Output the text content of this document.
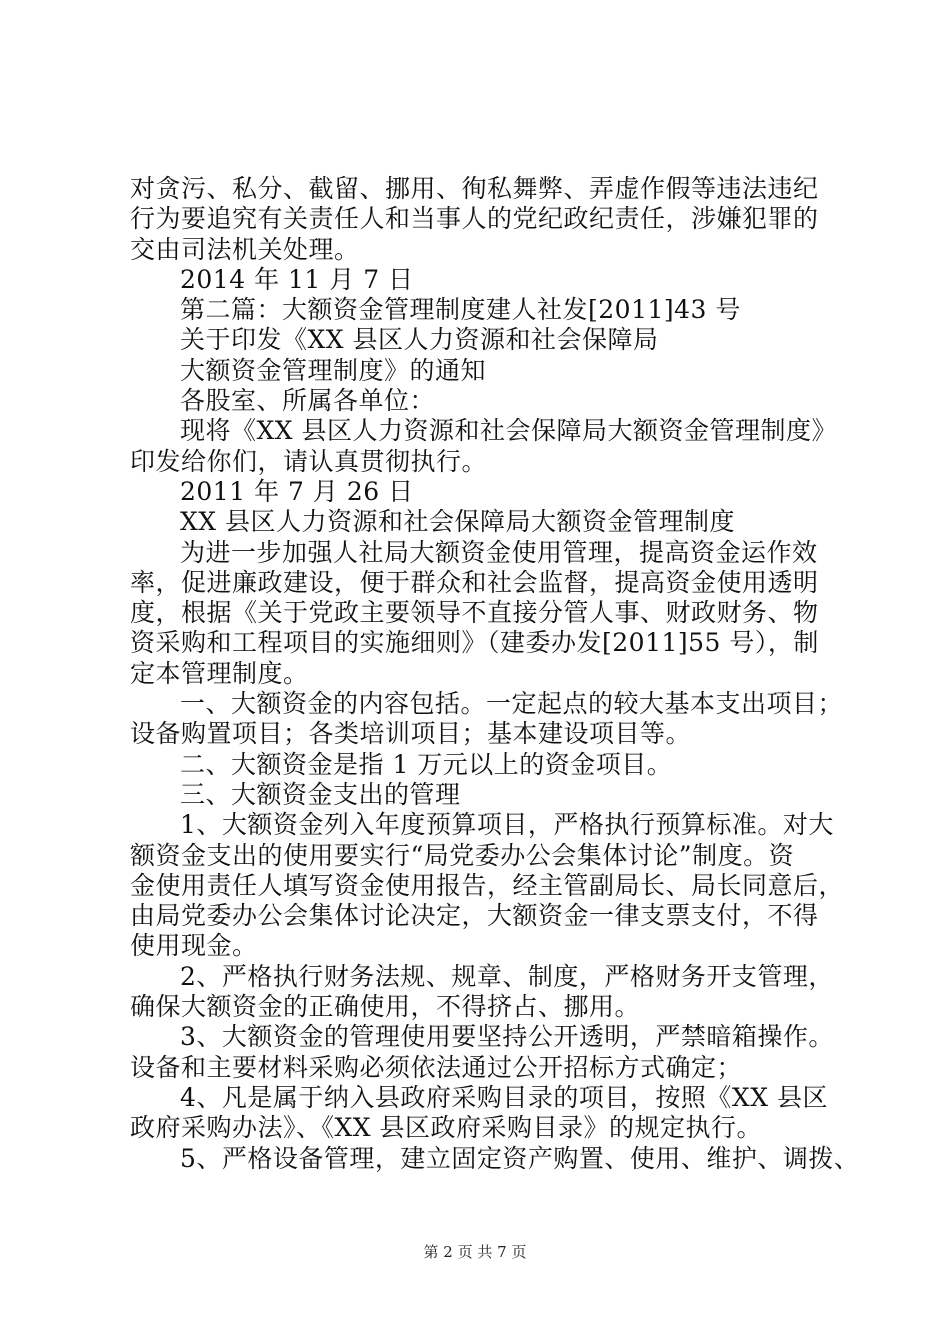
对贪污、私分、截留、挪用、徇私舞弊、弄虚作假等违法违纪
行为要追究有关责任人和当事人的党纪政纪责任，涉嫌犯罪的
交由司法机关处理。

2014 年 11 月 7 日

第二篇：大额资金管理制度建人社发[2011]43 号

关于印发《XX 县区人力资源和社会保障局

大额资金管理制度》的通知

各股室、所属各单位：

现将《XX 县区人力资源和社会保障局大额资金管理制度》
印发给你们，请认真贯彻执行。

2011 年 7 月 26 日

XX 县区人力资源和社会保障局大额资金管理制度

为进一步加强人社局大额资金使用管理，提高资金运作效
率，促进廉政建设，便于群众和社会监督，提高资金使用透明
度，根据《关于党政主要领导不直接分管人事、财政财务、物
资采购和工程项目的实施细则》（建委办发[2011]55 号），制
定本管理制度。

一、大额资金的内容包括。一定起点的较大基本支出项目；
设备购置项目；各类培训项目；基本建设项目等。

二、大额资金是指 1 万元以上的资金项目。

三、大额资金支出的管理

1、大额资金列入年度预算项目，严格执行预算标准。对大
额资金支出的使用要实行“局党委办公会集体讨论”制度。资
金使用责任人填写资金使用报告，经主管副局长、局长同意后，
由局党委办公会集体讨论决定，大额资金一律支票支付，不得
使用现金。

2、严格执行财务法规、规章、制度，严格财务开支管理，
确保大额资金的正确使用，不得挤占、挪用。

3、大额资金的管理使用要坚持公开透明，严禁暗箱操作。
设备和主要材料采购必须依法通过公开招标方式确定；

4、凡是属于纳入县政府采购目录的项目，按照《XX 县区
政府采购办法》、《XX 县区政府采购目录》的规定执行。

5、严格设备管理，建立固定资产购置、使用、维护、调拨、

第 2 页 共 7 页
